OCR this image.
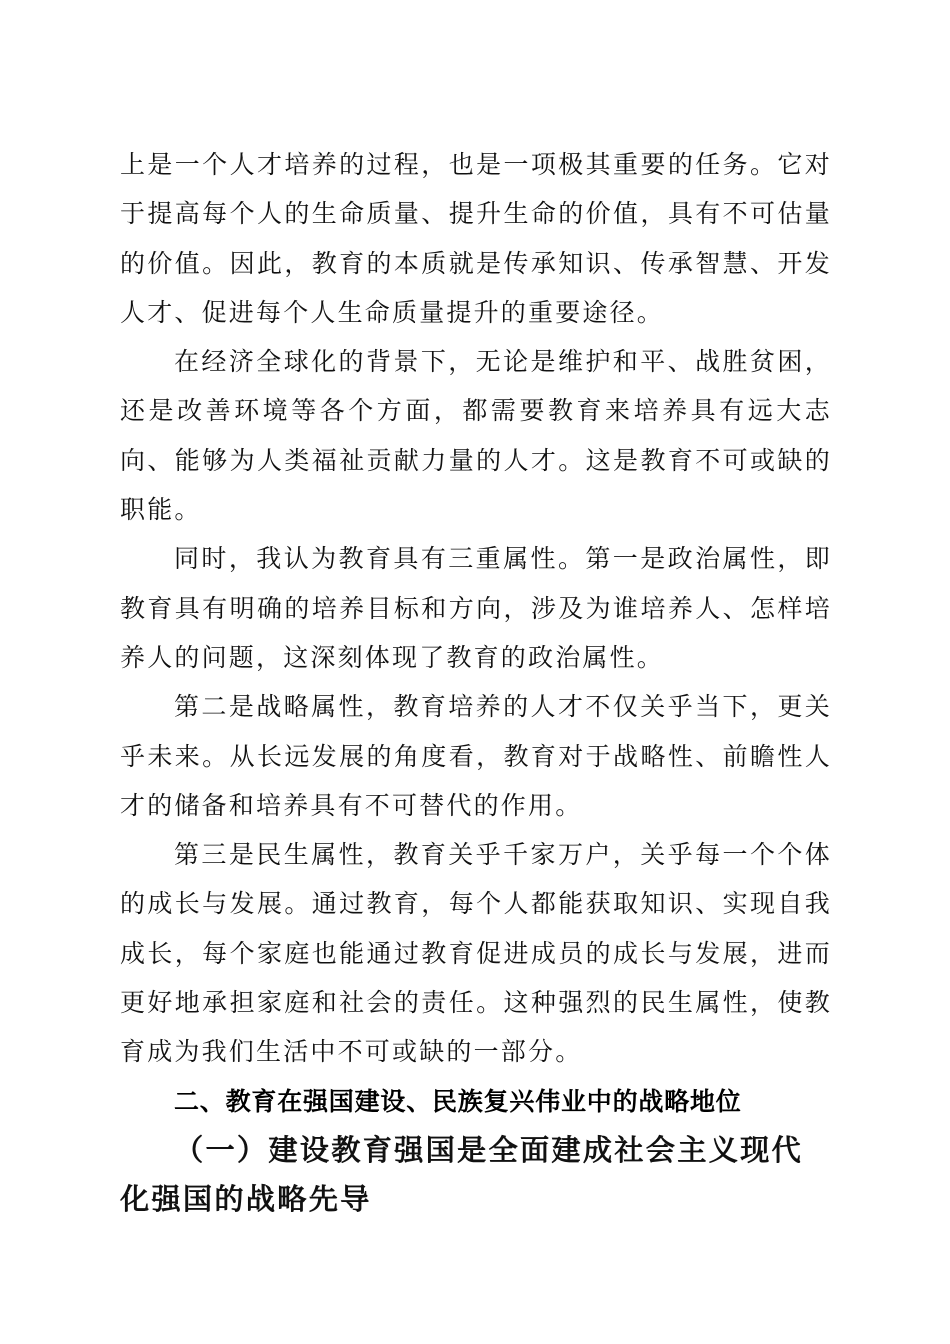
上是一个人才培养的过程，也是一项极其重要的任务。它对于提高每个人的生命质量、提升生命的价值，具有不可估量的价值。因此，教育的本质就是传承知识、传承智慧、开发人才、促进每个人生命质量提升的重要途径。

在经济全球化的背景下，无论是维护和平、战胜贫困，还是改善环境等各个方面，都需要教育来培养具有远大志向、能够为人类福祉贡献力量的人才。这是教育不可或缺的职能。

同时，我认为教育具有三重属性。第一是政治属性，即教育具有明确的培养目标和方向，涉及为谁培养人、怎样培养人的问题，这深刻体现了教育的政治属性。

第二是战略属性，教育培养的人才不仅关乎当下，更关乎未来。从长远发展的角度看，教育对于战略性、前瞻性人才的储备和培养具有不可替代的作用。

第三是民生属性，教育关乎千家万户，关乎每一个个体的成长与发展。通过教育，每个人都能获取知识、实现自我成长，每个家庭也能通过教育促进成员的成长与发展，进而更好地承担家庭和社会的责任。这种强烈的民生属性，使教育成为我们生活中不可或缺的一部分。

二、教育在强国建设、民族复兴伟业中的战略地位
（一）建设教育强国是全面建成社会主义现代化强国的战略先导
